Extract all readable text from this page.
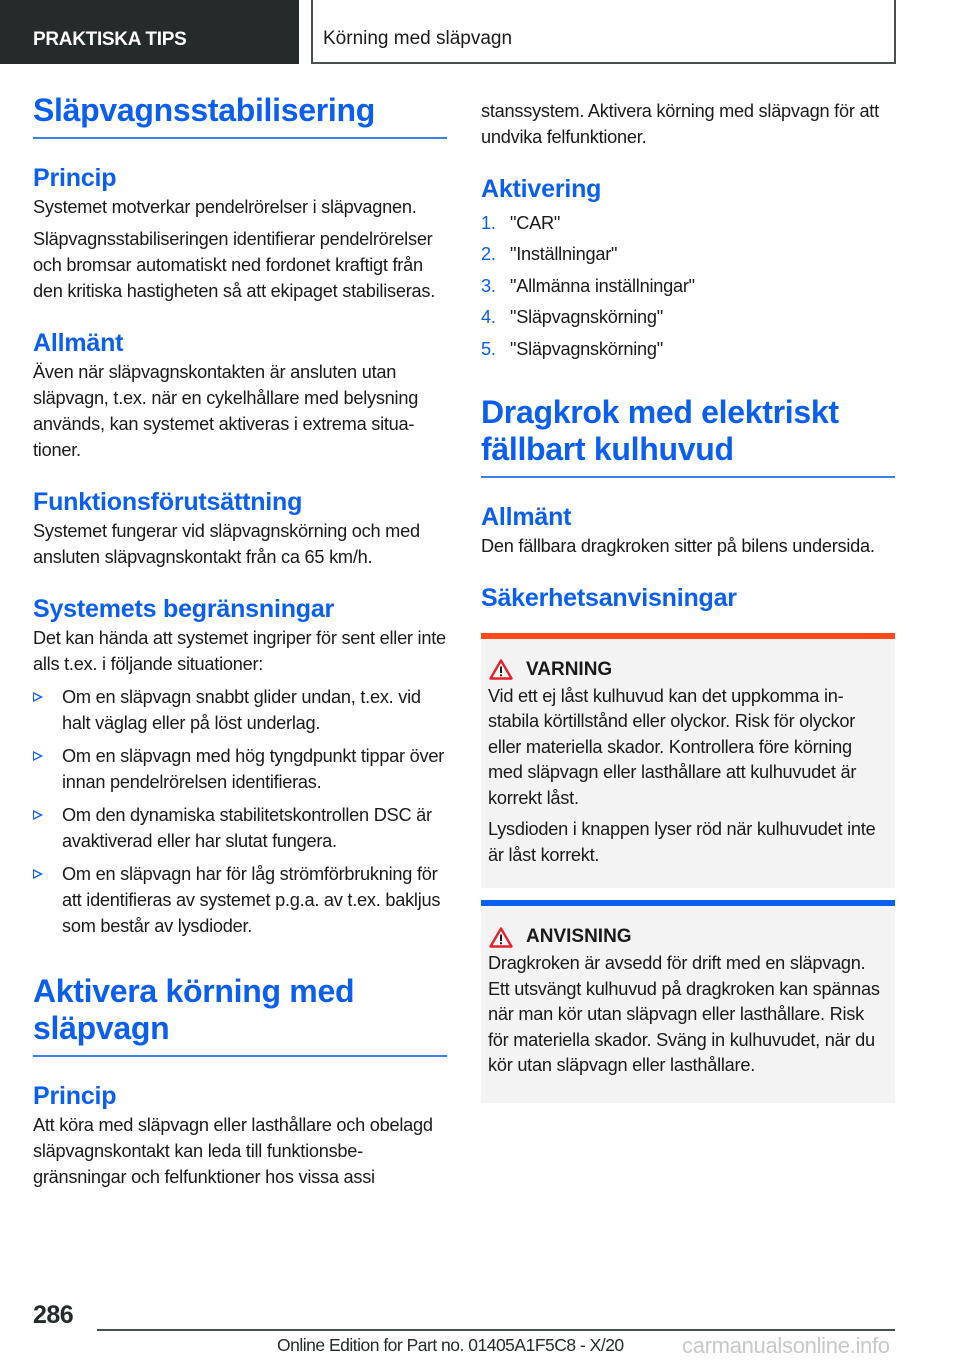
PRAKTISKA TIPS	Körning med släpvagn
Släpvagnsstabilisering
Princip

Systemet motverkar pendelrörelser i släpvagnen.

Släpvagnsstabiliseringen identifierar pendelrörelser och bromsar automatiskt ned fordonet kraftigt från den kritiska hastigheten så att ekipaget stabiliseras.

Allmänt

Även när släpvagnskontakten är ansluten utan släpvagn, t.ex. när en cykelhållare med belysning används, kan systemet aktiveras i extrema situationer.

Funktionsförutsättning

Systemet fungerar vid släpvagnskörning och med ansluten släpvagnskontakt från ca 65 km/h.

Systemets begränsningar

Det kan hända att systemet ingriper för sent eller inte alls t.ex. i följande situationer:

Om en släpvagn snabbt glider undan, t.ex. vid halt väglag eller på löst underlag.
Om en släpvagn med hög tyngdpunkt tippar över innan pendelrörelsen identifieras.
Om den dynamiska stabilitetskontrollen DSC är avaktiverad eller har slutat fungera.
Om en släpvagn har för låg strömförbrukning för att identifieras av systemet p.g.a. av t.ex. bakljus som består av lysdioder.
Aktivera körning med släpvagn
Princip

Att köra med släpvagn eller lasthållare och obelagd släpvagnskontakt kan leda till funktionsbegränsningar och felfunktioner hos vissa assi

stanssystem. Aktivera körning med släpvagn för att undvika felfunktioner.

Aktivering
1. "CAR"
2. "Inställningar"
3. "Allmänna inställningar"
4. "Släpvagnskörning"
5. "Släpvagnskörning"
Dragkrok med elektriskt fällbart kulhuvud
Allmänt

Den fällbara dragkroken sitter på bilens undersida.

Säkerhetsanvisningar
VARNING

Vid ett ej låst kulhuvud kan det uppkomma instabila körtillstånd eller olyckor. Risk för olyckor eller materiella skador. Kontrollera före körning med släpvagn eller lasthållare att kulhuvudet är korrekt låst.

Lysdioden i knappen lyser röd när kulhuvudet inte är låst korrekt.

ANVISNING

Dragkroken är avsedd för drift med en släpvagn. Ett utsvängt kulhuvud på dragkroken kan spännas när man kör utan släpvagn eller lasthållare. Risk för materiella skador. Sväng in kulhuvudet, när du kör utan släpvagn eller lasthållare.

286
Online Edition for Part no. 01405A1F5C8 - X/20	carmanualsonline.info
